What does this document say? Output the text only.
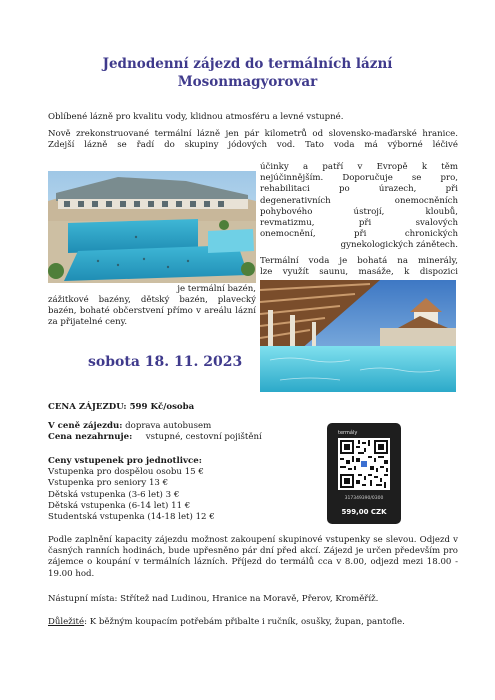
Jednodenní zájezd do termálních lázní
Mosonmagyorovar

Oblíbené lázně pro kvalitu vody, klidnou atmosféru a levné vstupné.

Nově zrekonstruované termální lázně jen pár kilometrů od slovensko-maďarské hranice. Zdejší lázně se řadí do skupiny jódových vod. Tato voda má výborné léčivé

účinky a patří v Evropě k těm

nejúčinnějším. Doporučuje se pro,

rehabilitaci po úrazech, při

degenerativních onemocněních

pohybového ústrojí, kloubů,

revmatizmu, při svalových

onemocnění, při chronických

gynekologických zánětech.

Termální voda je bohatá na minerály,

lze využít saunu, masáže, k dispozici

je termální bazén,

zážitkové bazény, dětský bazén, plavecký bazén, bohaté občerstvení přímo v areálu lázní za přijatelné ceny.

sobota 18. 11. 2023

CENA ZÁJEZDU: 599 Kč/osoba

V ceně zájezdu: doprava autobusem

Cena nezahrnuje: vstupné, cestovní pojištění

Ceny vstupenek pro jednotlivce:

Vstupenka pro dospělou osobu 15 €

Vstupenka pro seniory 13 €

Dětská vstupenka (3-6 let) 3 €

Dětská vstupenka (6-14 let) 11 €

Studentská vstupenka (14-18 let) 12 €

termály
317349390/0300
599,00 CZK

Podle zaplnění kapacity zájezdu možnost zakoupení skupinové vstupenky se slevou. Odjezd v časných ranních hodinách, bude upřesněno pár dní před akcí. Zájezd je určen především pro zájemce o koupání v termálních lázních. Příjezd do termálů cca v 8.00, odjezd mezi 18.00 - 19.00 hod.

Nástupní místa: Střítež nad Ludinou, Hranice na Moravě, Přerov, Kroměříž.

Důležité: K běžným koupacím potřebám přibalte i ručník, osušky, župan, pantofle.
